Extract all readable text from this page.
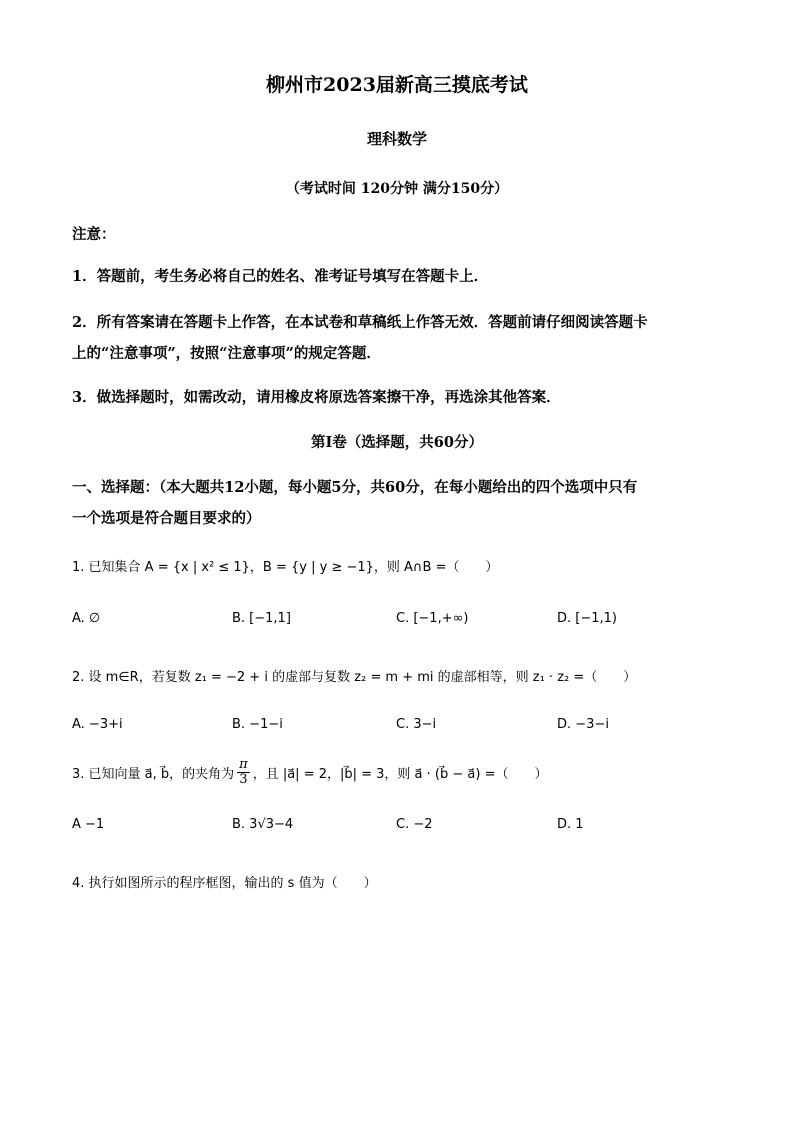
柳州市2023届新高三摸底考试
理科数学
（考试时间 120分钟 满分150分）
注意：
1．答题前，考生务必将自己的姓名、准考证号填写在答题卡上．
2．所有答案请在答题卡上作答，在本试卷和草稿纸上作答无效．答题前请仔细阅读答题卡
上的“注意事项”，按照“注意事项”的规定答题．
3．做选择题时，如需改动，请用橡皮将原选答案擦干净，再选涂其他答案．
第Ⅰ卷（选择题，共60分）
一、选择题：（本大题共12小题，每小题5分，共60分，在每小题给出的四个选项中只有
一个选项是符合题目要求的）
1. 已知集合 A = {x | x² ≤ 1}，B = {y | y ≥ −1}，则 A∩B =（　　）
A. ∅	B. [−1,1]	C. [−1,+∞)	D. [−1,1)
2. 设 m∈R，若复数 z₁ = −2 + i 的虚部与复数 z₂ = m + mi 的虚部相等，则 z₁ · z₂ =（　　）
A. −3+i	B. −1−i	C. 3−i	D. −3−i
3. 已知向量 a⃗, b⃗，的夹角为 $\frac{\pi}{3}$ ，且 |a⃗| = 2，|b⃗| = 3，则 a⃗ · (b⃗ − a⃗) =（　　）
A −1	B. 3√3−4	C. −2	D. 1
4. 执行如图所示的程序框图，输出的 s 值为（　　）
